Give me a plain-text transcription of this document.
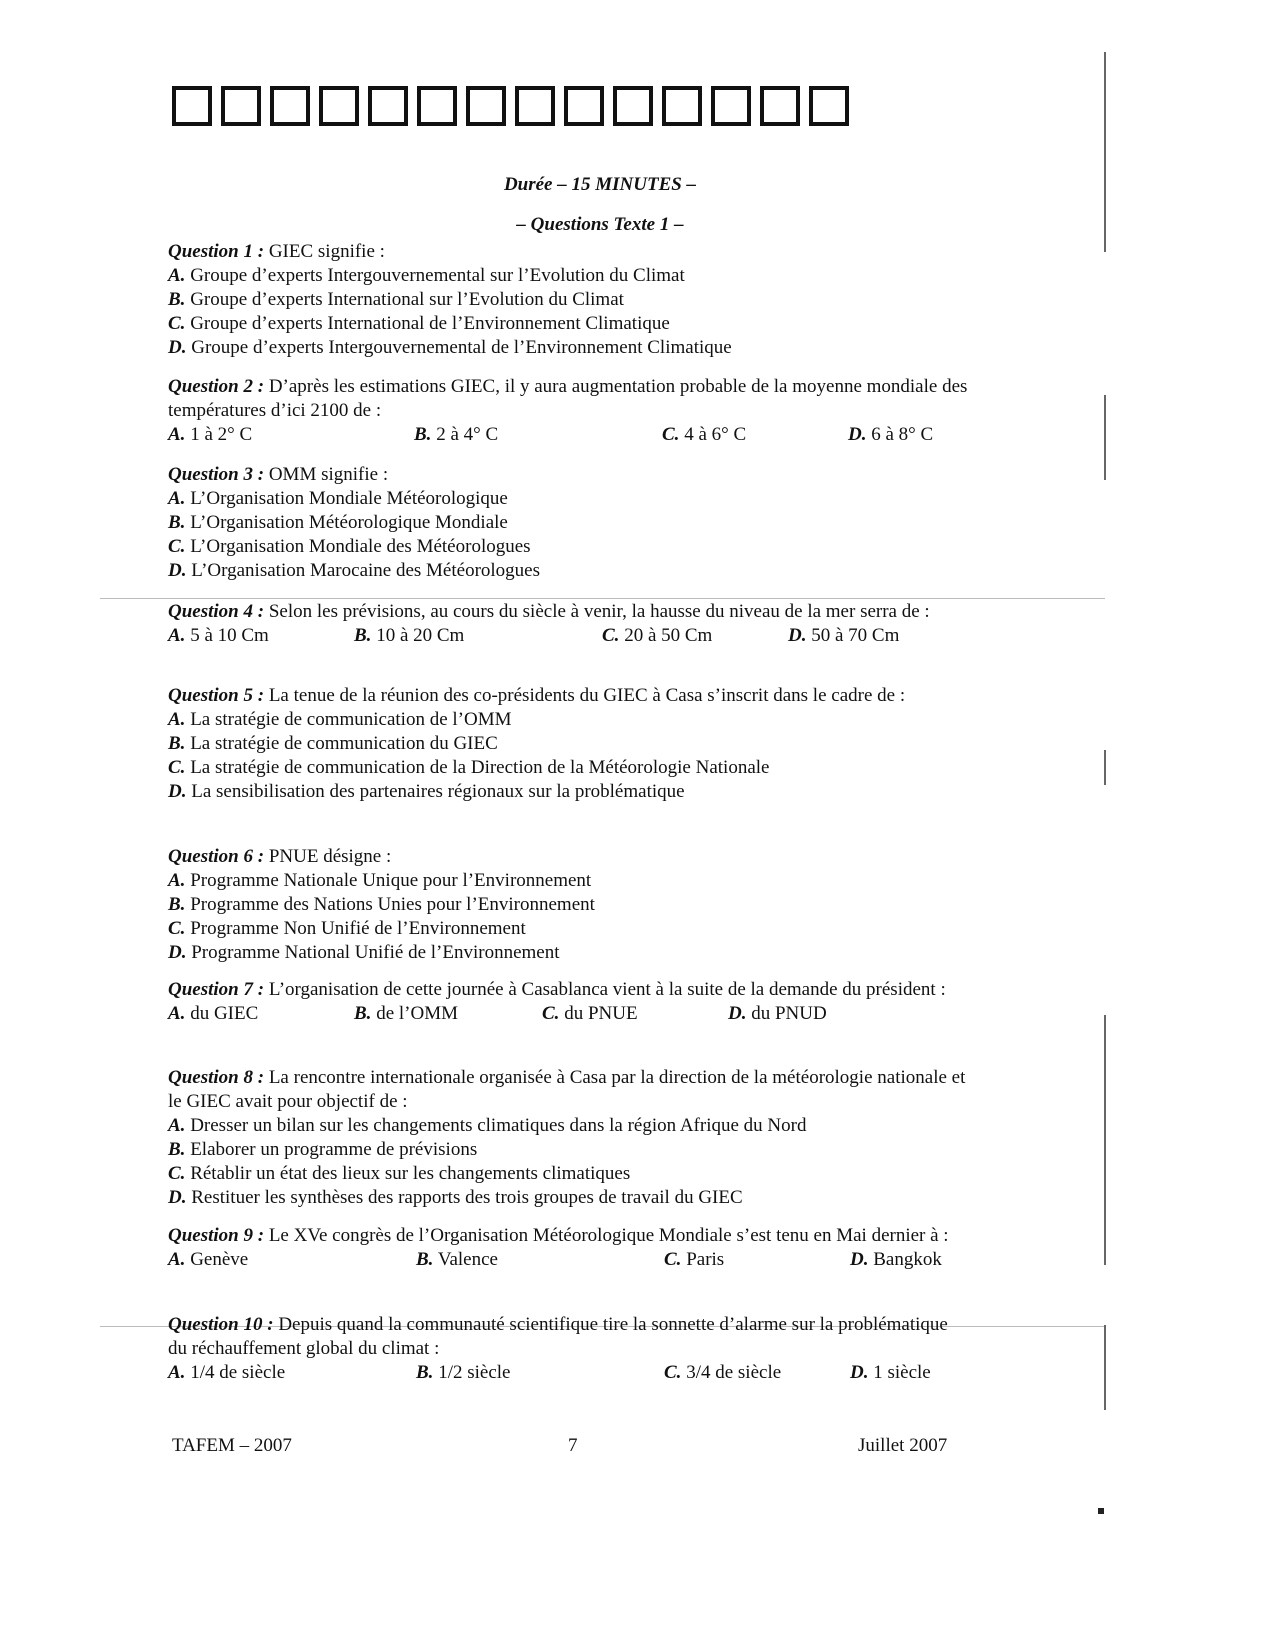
Durée – 15 MINUTES –
– Questions Texte 1 –
Question 1 : GIEC signifie :
A. Groupe d’experts Intergouvernemental sur l’Evolution du Climat
B. Groupe d’experts International sur l’Evolution du Climat
C. Groupe d’experts International de l’Environnement Climatique
D. Groupe d’experts Intergouvernemental de l’Environnement Climatique
Question 2 : D’après les estimations GIEC, il y aura augmentation probable de la moyenne mondiale des températures d’ici 2100 de :
A. 1 à 2° C	B. 2 à 4° C	C. 4 à 6° C	D. 6 à 8° C
Question 3 : OMM signifie :
A. L’Organisation Mondiale Météorologique
B. L’Organisation Météorologique Mondiale
C. L’Organisation Mondiale des Météorologues
D. L’Organisation Marocaine des Météorologues
Question 4 : Selon les prévisions, au cours du siècle à venir, la hausse du niveau de la mer serra de :
A. 5 à 10 Cm	B. 10 à 20 Cm	C. 20 à 50 Cm	D. 50 à 70 Cm
Question 5 : La tenue de la réunion des co-présidents du GIEC à Casa s’inscrit dans le cadre de :
A. La stratégie de communication de l’OMM
B. La stratégie de communication du GIEC
C. La stratégie de communication de la Direction de la Météorologie Nationale
D. La sensibilisation des partenaires régionaux sur la problématique
Question 6 : PNUE désigne :
A. Programme Nationale Unique pour l’Environnement
B. Programme des Nations Unies pour l’Environnement
C. Programme Non Unifié de l’Environnement
D. Programme National Unifié de l’Environnement
Question 7 : L’organisation de cette journée à Casablanca vient à la suite de la demande du président :
A. du GIEC	B. de l’OMM	C. du PNUE	D. du PNUD
Question 8 : La rencontre internationale organisée à Casa par la direction de la météorologie nationale et le GIEC avait pour objectif de :
A. Dresser un bilan sur les changements climatiques dans la région Afrique du Nord
B. Elaborer un programme de prévisions
C. Rétablir un état des lieux sur les changements climatiques
D. Restituer les synthèses des rapports des trois groupes de travail du GIEC
Question 9 : Le XVe congrès de l’Organisation Météorologique Mondiale s’est tenu en Mai dernier à :
A. Genève	B. Valence	C. Paris	D. Bangkok
Question 10 : Depuis quand la communauté scientifique tire la sonnette d’alarme sur la problématique du réchauffement global du climat :
A. 1/4 de siècle	B. 1/2 siècle	C. 3/4 de siècle	D. 1 siècle
TAFEM – 2007	7	Juillet 2007
